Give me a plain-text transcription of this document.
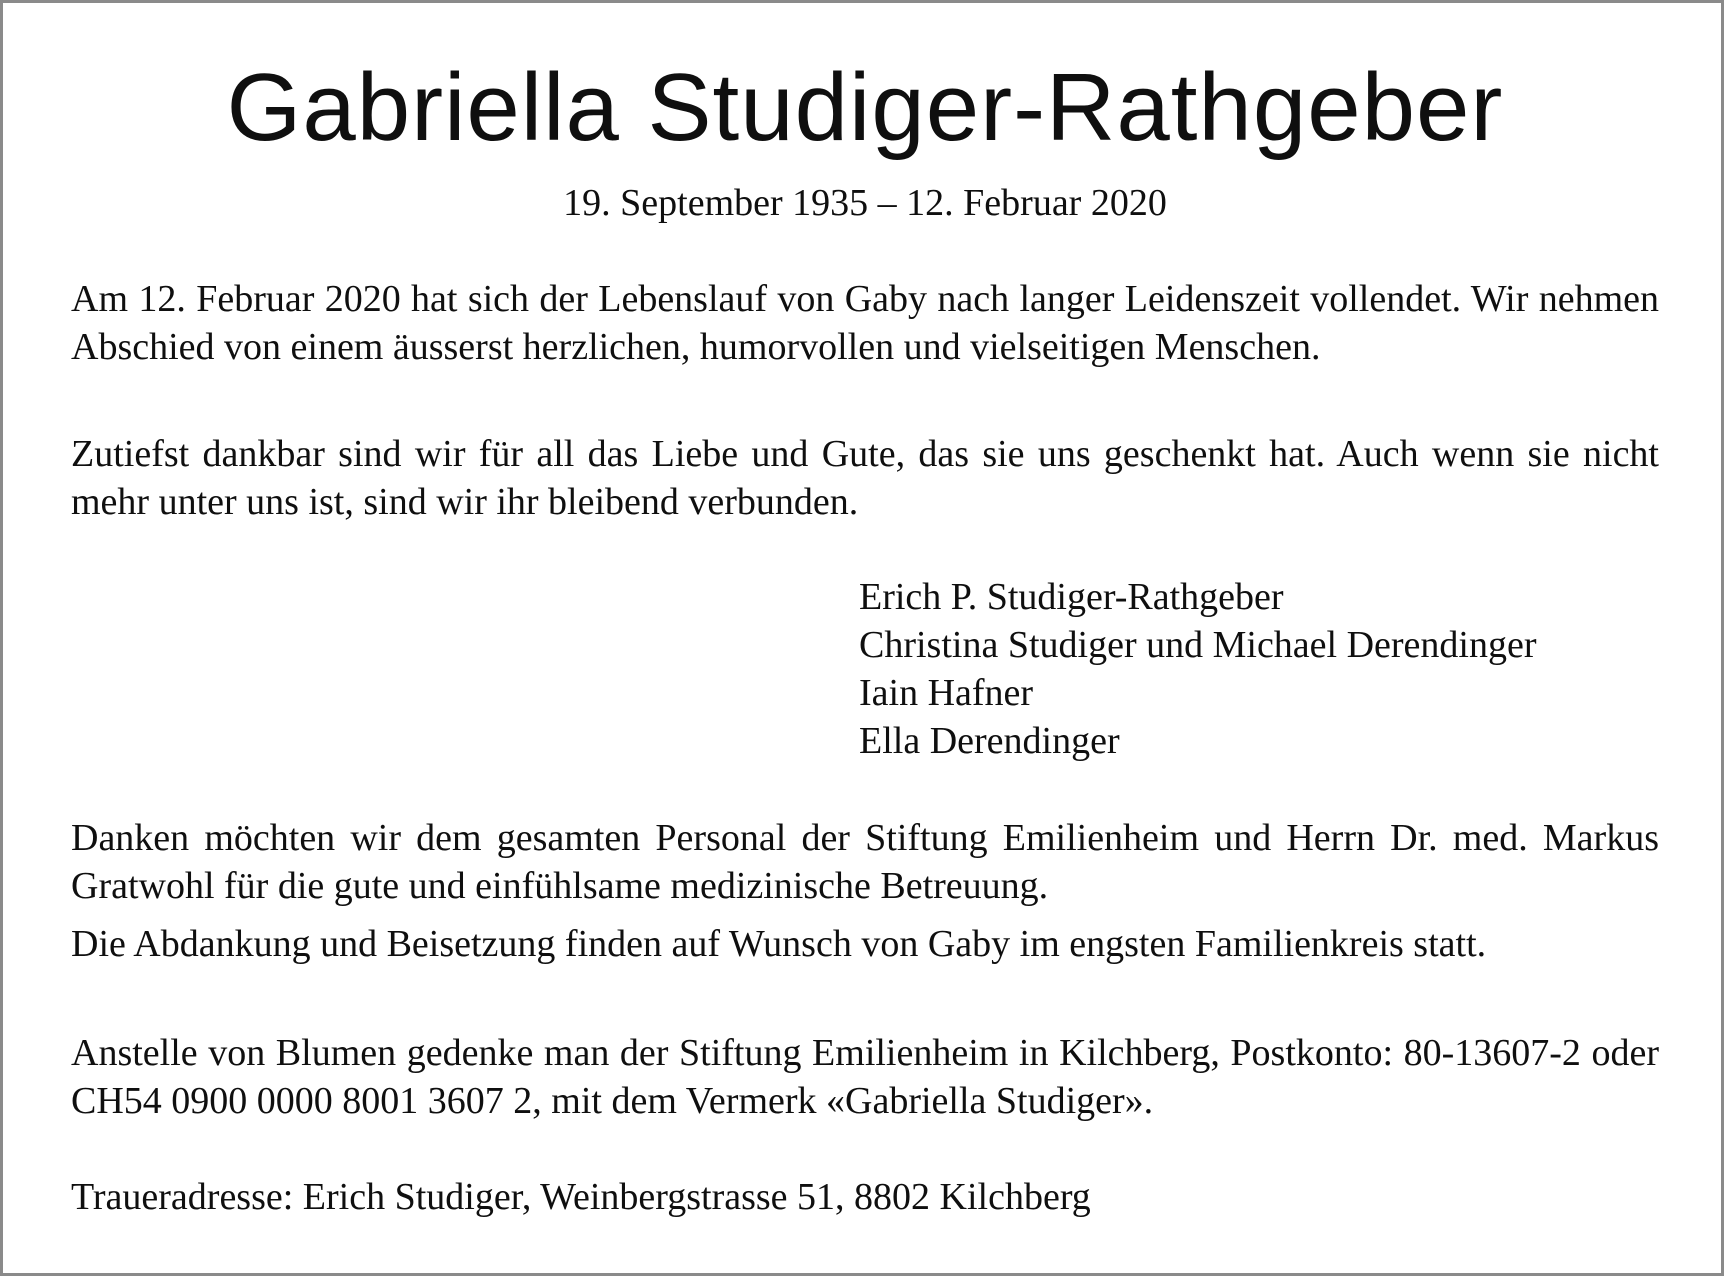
Gabriella Studiger-Rathgeber
19. September 1935 – 12. Februar 2020

Am 12. Februar 2020 hat sich der Lebenslauf von Gaby nach langer Leidenszeit vollendet. Wir nehmen Abschied von einem äusserst herzlichen, humorvollen und vielseitigen Menschen.

Zutiefst dankbar sind wir für all das Liebe und Gute, das sie uns geschenkt hat. Auch wenn sie nicht mehr unter uns ist, sind wir ihr bleibend verbunden.

Erich P. Studiger-Rathgeber
Christina Studiger und Michael Derendinger
Iain Hafner
Ella Derendinger

Danken möchten wir dem gesamten Personal der Stiftung Emilienheim und Herrn Dr. med. Markus Gratwohl für die gute und einfühlsame medizinische Betreuung.

Die Abdankung und Beisetzung finden auf Wunsch von Gaby im engsten Familienkreis statt.

Anstelle von Blumen gedenke man der Stiftung Emilienheim in Kilchberg, Postkonto: 80-13607-2 oder CH54 0900 0000 8001 3607 2, mit dem Vermerk «Gabriella Studiger».

Traueradresse: Erich Studiger, Weinbergstrasse 51, 8802 Kilchberg
